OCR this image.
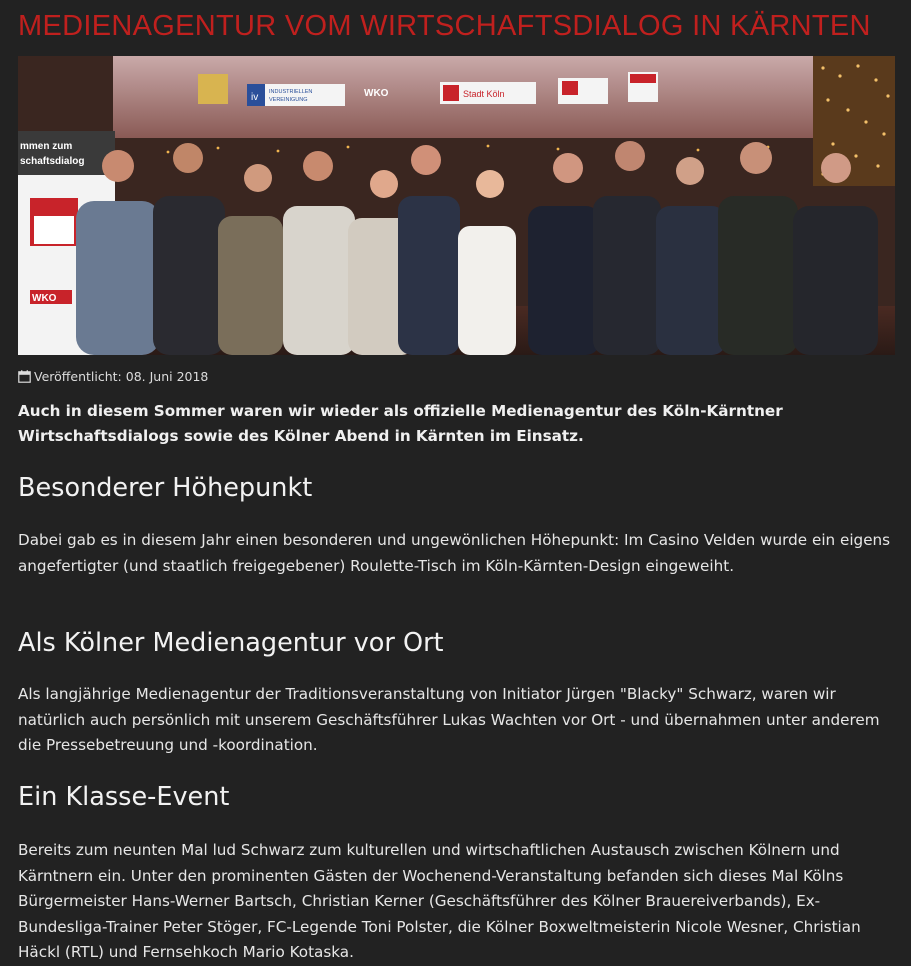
MEDIENAGENTUR VOM WIRTSCHAFTSDIALOG IN KÄRNTEN
iv INDUSTRIELLEN
VEREINIGUNG
WKO	Stadt Köln
mmen zum
schaftsdialog
WKO
Veröffentlicht: 08. Juni 2018

Auch in diesem Sommer waren wir wieder als offizielle Medienagentur des Köln-Kärntner Wirtschaftsdialogs sowie des Kölner Abend in Kärnten im Einsatz.

Besonderer Höhepunkt

Dabei gab es in diesem Jahr einen besonderen und ungewönlichen Höhepunkt: Im Casino Velden wurde ein eigens angefertigter (und staatlich freigegebener) Roulette-Tisch im Köln-Kärnten-Design eingeweiht.

Als Kölner Medienagentur vor Ort

Als langjährige Medienagentur der Traditionsveranstaltung von Initiator Jürgen "Blacky" Schwarz, waren wir natürlich auch persönlich mit unserem Geschäftsführer Lukas Wachten vor Ort - und übernahmen unter anderem die Pressebetreuung und -koordination.

Ein Klasse-Event

Bereits zum neunten Mal lud Schwarz zum kulturellen und wirtschaftlichen Austausch zwischen Kölnern und Kärntnern ein. Unter den prominenten Gästen der Wochenend-Veranstaltung befanden sich dieses Mal Kölns Bürgermeister Hans-Werner Bartsch, Christian Kerner (Geschäftsführer des Kölner Brauereiverbands), Ex-Bundesliga-Trainer Peter Stöger, FC-Legende Toni Polster, die Kölner Boxweltmeisterin Nicole Wesner, Christian Häckl (RTL) und Fernsehkoch Mario Kotaska.
